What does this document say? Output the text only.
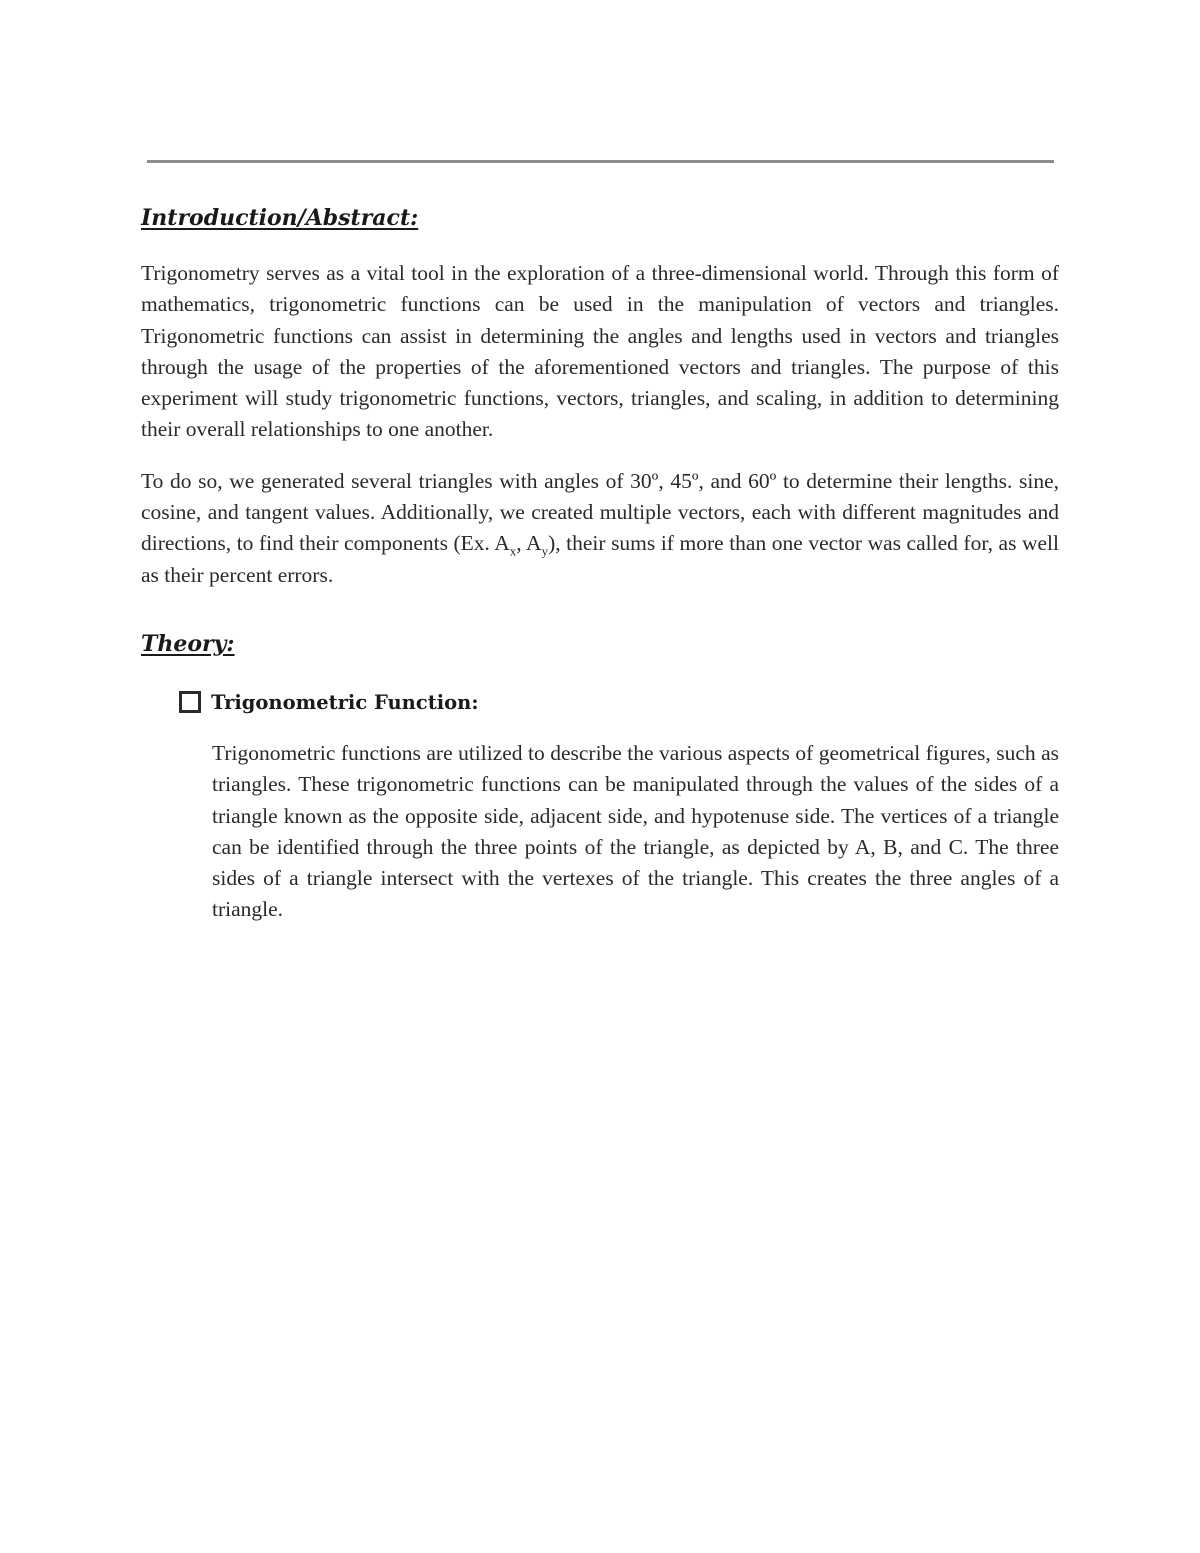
Introduction/Abstract:

Trigonometry serves as a vital tool in the exploration of a three-dimensional world. Through this form of mathematics, trigonometric functions can be used in the manipulation of vectors and triangles. Trigonometric functions can assist in determining the angles and lengths used in vectors and triangles through the usage of the properties of the aforementioned vectors and triangles. The purpose of this experiment will study trigonometric functions, vectors, triangles, and scaling, in addition to determining their overall relationships to one another.

To do so, we generated several triangles with angles of 30º, 45º, and 60º to determine their lengths. sine, cosine, and tangent values. Additionally, we created multiple vectors, each with different magnitudes and directions, to find their components (Ex. $A_x$, $A_y$), their sums if more than one vector was called for, as well as their percent errors.

Theory:
Trigonometric Function:

Trigonometric functions are utilized to describe the various aspects of geometrical figures, such as triangles. These trigonometric functions can be manipulated through the values of the sides of a triangle known as the opposite side, adjacent side, and hypotenuse side. The vertices of a triangle can be identified through the three points of the triangle, as depicted by A, B, and C. The three sides of a triangle intersect with the vertexes of the triangle. This creates the three angles of a triangle.
